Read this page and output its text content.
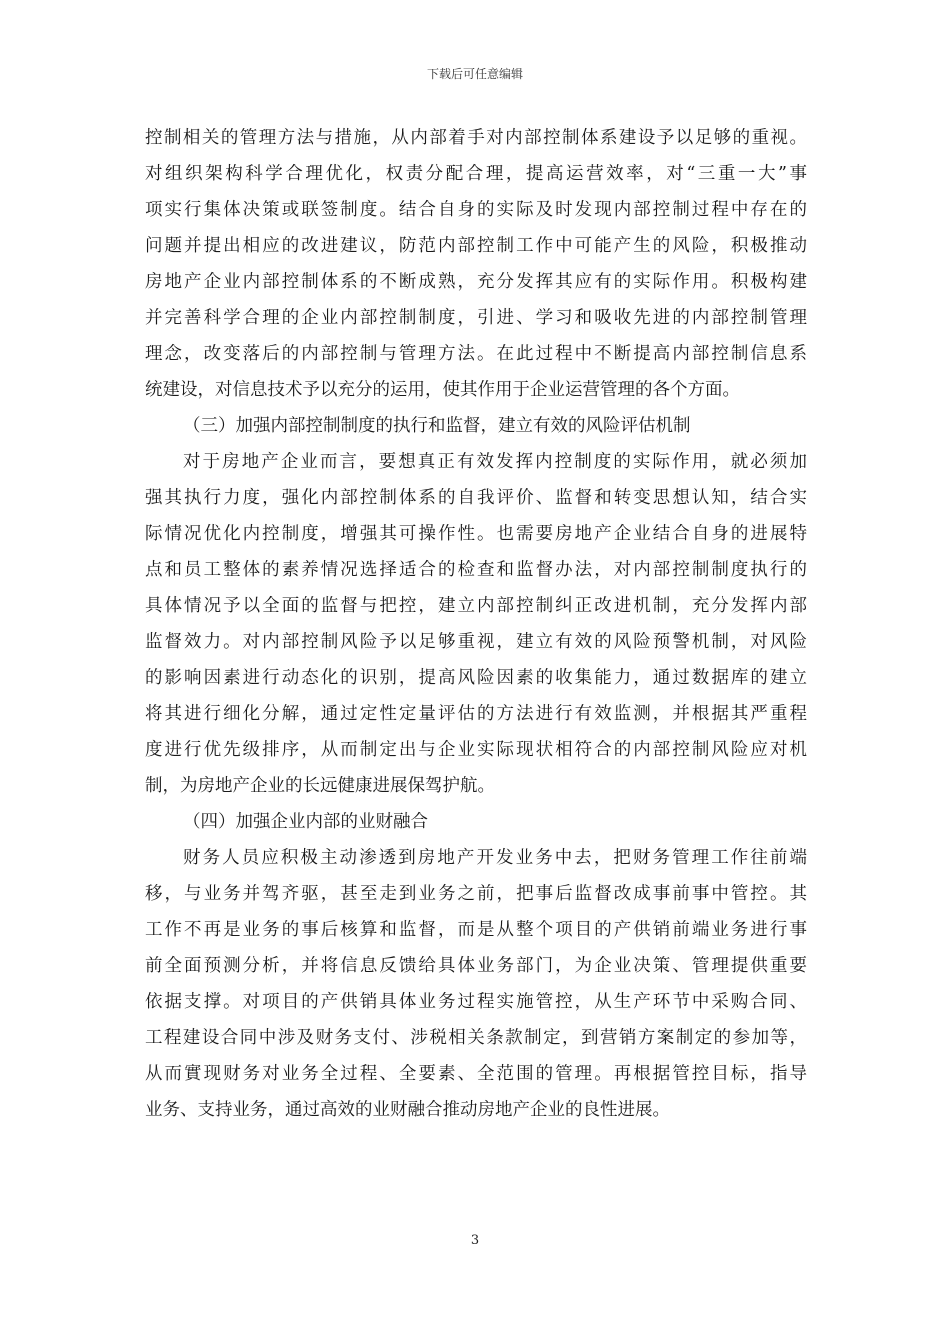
下载后可任意编辑
控制相关的管理方法与措施，从内部着手对内部控制体系建设予以足够的重视。
对组织架构科学合理优化，权责分配合理，提高运营效率，对“三重一大”事
项实行集体决策或联签制度。结合自身的实际及时发现内部控制过程中存在的
问题并提出相应的改进建议，防范内部控制工作中可能产生的风险，积极推动
房地产企业内部控制体系的不断成熟，充分发挥其应有的实际作用。积极构建
并完善科学合理的企业内部控制制度，引进、学习和吸收先进的内部控制管理
理念，改变落后的内部控制与管理方法。在此过程中不断提高内部控制信息系
统建设，对信息技术予以充分的运用，使其作用于企业运营管理的各个方面。
（三）加强内部控制制度的执行和监督，建立有效的风险评估机制
对于房地产企业而言，要想真正有效发挥内控制度的实际作用，就必须加
强其执行力度，强化内部控制体系的自我评价、监督和转变思想认知，结合实
际情况优化内控制度，增强其可操作性。也需要房地产企业结合自身的进展特
点和员工整体的素养情况选择适合的检查和监督办法，对内部控制制度执行的
具体情况予以全面的监督与把控，建立内部控制纠正改进机制，充分发挥内部
监督效力。对内部控制风险予以足够重视，建立有效的风险预警机制，对风险
的影响因素进行动态化的识别，提高风险因素的收集能力，通过数据库的建立
将其进行细化分解，通过定性定量评估的方法进行有效监测，并根据其严重程
度进行优先级排序，从而制定出与企业实际现状相符合的内部控制风险应对机
制，为房地产企业的长远健康进展保驾护航。
（四）加强企业内部的业财融合
财务人员应积极主动渗透到房地产开发业务中去，把财务管理工作往前端
移，与业务并驾齐驱，甚至走到业务之前，把事后监督改成事前事中管控。其
工作不再是业务的事后核算和监督，而是从整个项目的产供销前端业务进行事
前全面预测分析，并将信息反馈给具体业务部门，为企业决策、管理提供重要
依据支撑。对项目的产供销具体业务过程实施管控，从生产环节中采购合同、
工程建设合同中涉及财务支付、涉税相关条款制定，到营销方案制定的参加等，
从而實现财务对业务全过程、全要素、全范围的管理。再根据管控目标，指导
业务、支持业务，通过高效的业财融合推动房地产企业的良性进展。
3
